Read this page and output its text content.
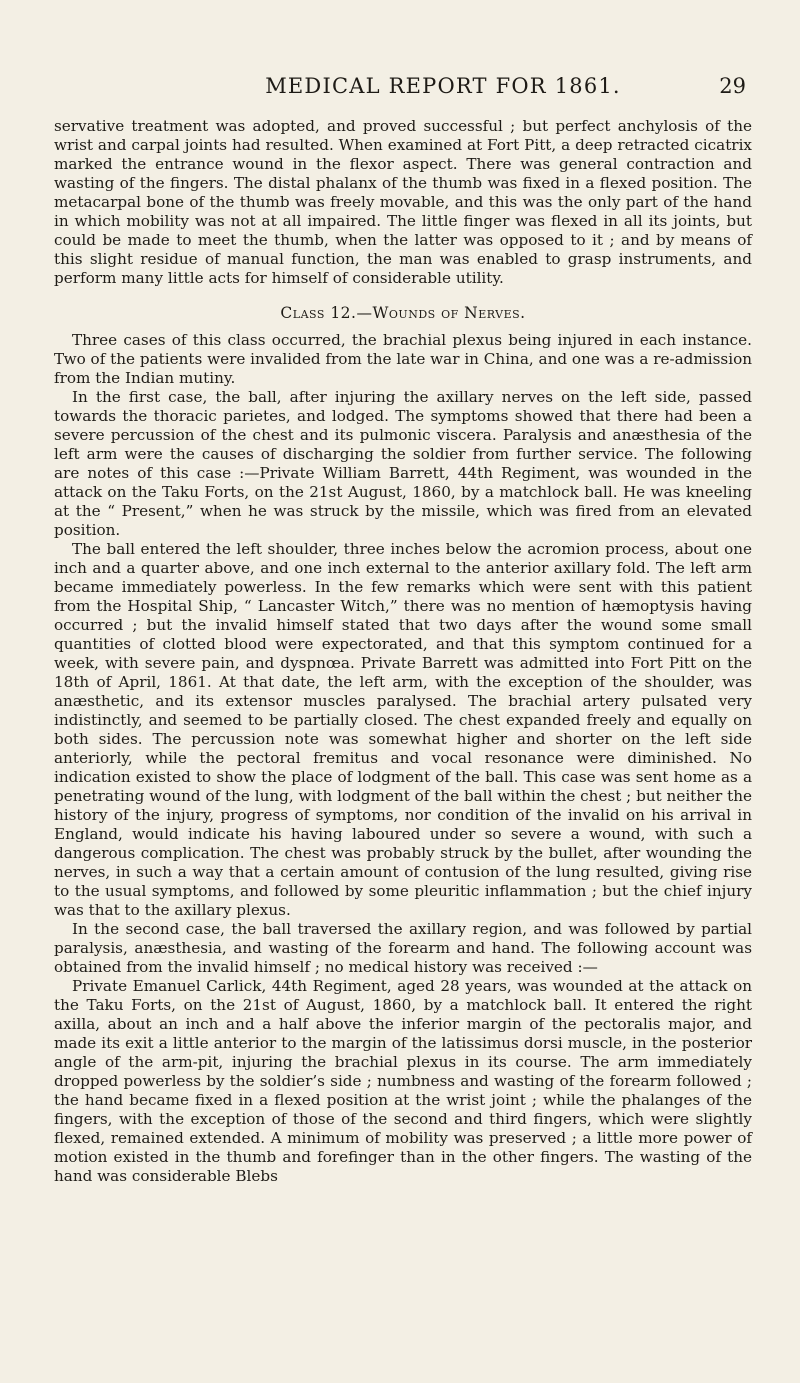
MEDICAL REPORT FOR 1861.	29

servative treatment was adopted, and proved successful ; but perfect anchylosis of the wrist and carpal joints had resulted. When examined at Fort Pitt, a deep retracted cicatrix marked the entrance wound in the flexor aspect. There was general contraction and wasting of the fingers. The distal phalanx of the thumb was fixed in a flexed position. The metacarpal bone of the thumb was freely movable, and this was the only part of the hand in which mobility was not at all impaired. The little finger was flexed in all its joints, but could be made to meet the thumb, when the latter was opposed to it ; and by means of this slight residue of manual function, the man was enabled to grasp instruments, and perform many little acts for himself of considerable utility.

Class 12.—Wounds of Nerves.

Three cases of this class occurred, the brachial plexus being injured in each instance. Two of the patients were invalided from the late war in China, and one was a re-admission from the Indian mutiny.

In the first case, the ball, after injuring the axillary nerves on the left side, passed towards the thoracic parietes, and lodged. The symptoms showed that there had been a severe percussion of the chest and its pulmonic viscera. Paralysis and anæsthesia of the left arm were the causes of discharging the soldier from further service. The following are notes of this case :—Private William Barrett, 44th Regiment, was wounded in the attack on the Taku Forts, on the 21st August, 1860, by a matchlock ball. He was kneeling at the “ Present,” when he was struck by the missile, which was fired from an elevated position.

The ball entered the left shoulder, three inches below the acromion process, about one inch and a quarter above, and one inch external to the anterior axillary fold. The left arm became immediately powerless. In the few remarks which were sent with this patient from the Hospital Ship, “ Lancaster Witch,” there was no mention of hæmoptysis having occurred ; but the invalid himself stated that two days after the wound some small quantities of clotted blood were expectorated, and that this symptom continued for a week, with severe pain, and dyspnœa. Private Barrett was admitted into Fort Pitt on the 18th of April, 1861. At that date, the left arm, with the exception of the shoulder, was anæsthetic, and its extensor muscles paralysed. The brachial artery pulsated very indistinctly, and seemed to be partially closed. The chest expanded freely and equally on both sides. The percussion note was somewhat higher and shorter on the left side anteriorly, while the pectoral fremitus and vocal resonance were diminished. No indication existed to show the place of lodgment of the ball. This case was sent home as a penetrating wound of the lung, with lodgment of the ball within the chest ; but neither the history of the injury, progress of symptoms, nor condition of the invalid on his arrival in England, would indicate his having laboured under so severe a wound, with such a dangerous complication. The chest was probably struck by the bullet, after wounding the nerves, in such a way that a certain amount of contusion of the lung resulted, giving rise to the usual symptoms, and followed by some pleuritic inflammation ; but the chief injury was that to the axillary plexus.

In the second case, the ball traversed the axillary region, and was followed by partial paralysis, anæsthesia, and wasting of the forearm and hand. The following account was obtained from the invalid himself ; no medical history was received :—

Private Emanuel Carlick, 44th Regiment, aged 28 years, was wounded at the attack on the Taku Forts, on the 21st of August, 1860, by a matchlock ball. It entered the right axilla, about an inch and a half above the inferior margin of the pectoralis major, and made its exit a little anterior to the margin of the latissimus dorsi muscle, in the posterior angle of the arm-pit, injuring the brachial plexus in its course. The arm immediately dropped powerless by the soldier’s side ; numbness and wasting of the forearm followed ; the hand became fixed in a flexed position at the wrist joint ; while the phalanges of the fingers, with the exception of those of the second and third fingers, which were slightly flexed, remained extended. A minimum of mobility was preserved ; a little more power of motion existed in the thumb and forefinger than in the other fingers. The wasting of the hand was considerable Blebs
